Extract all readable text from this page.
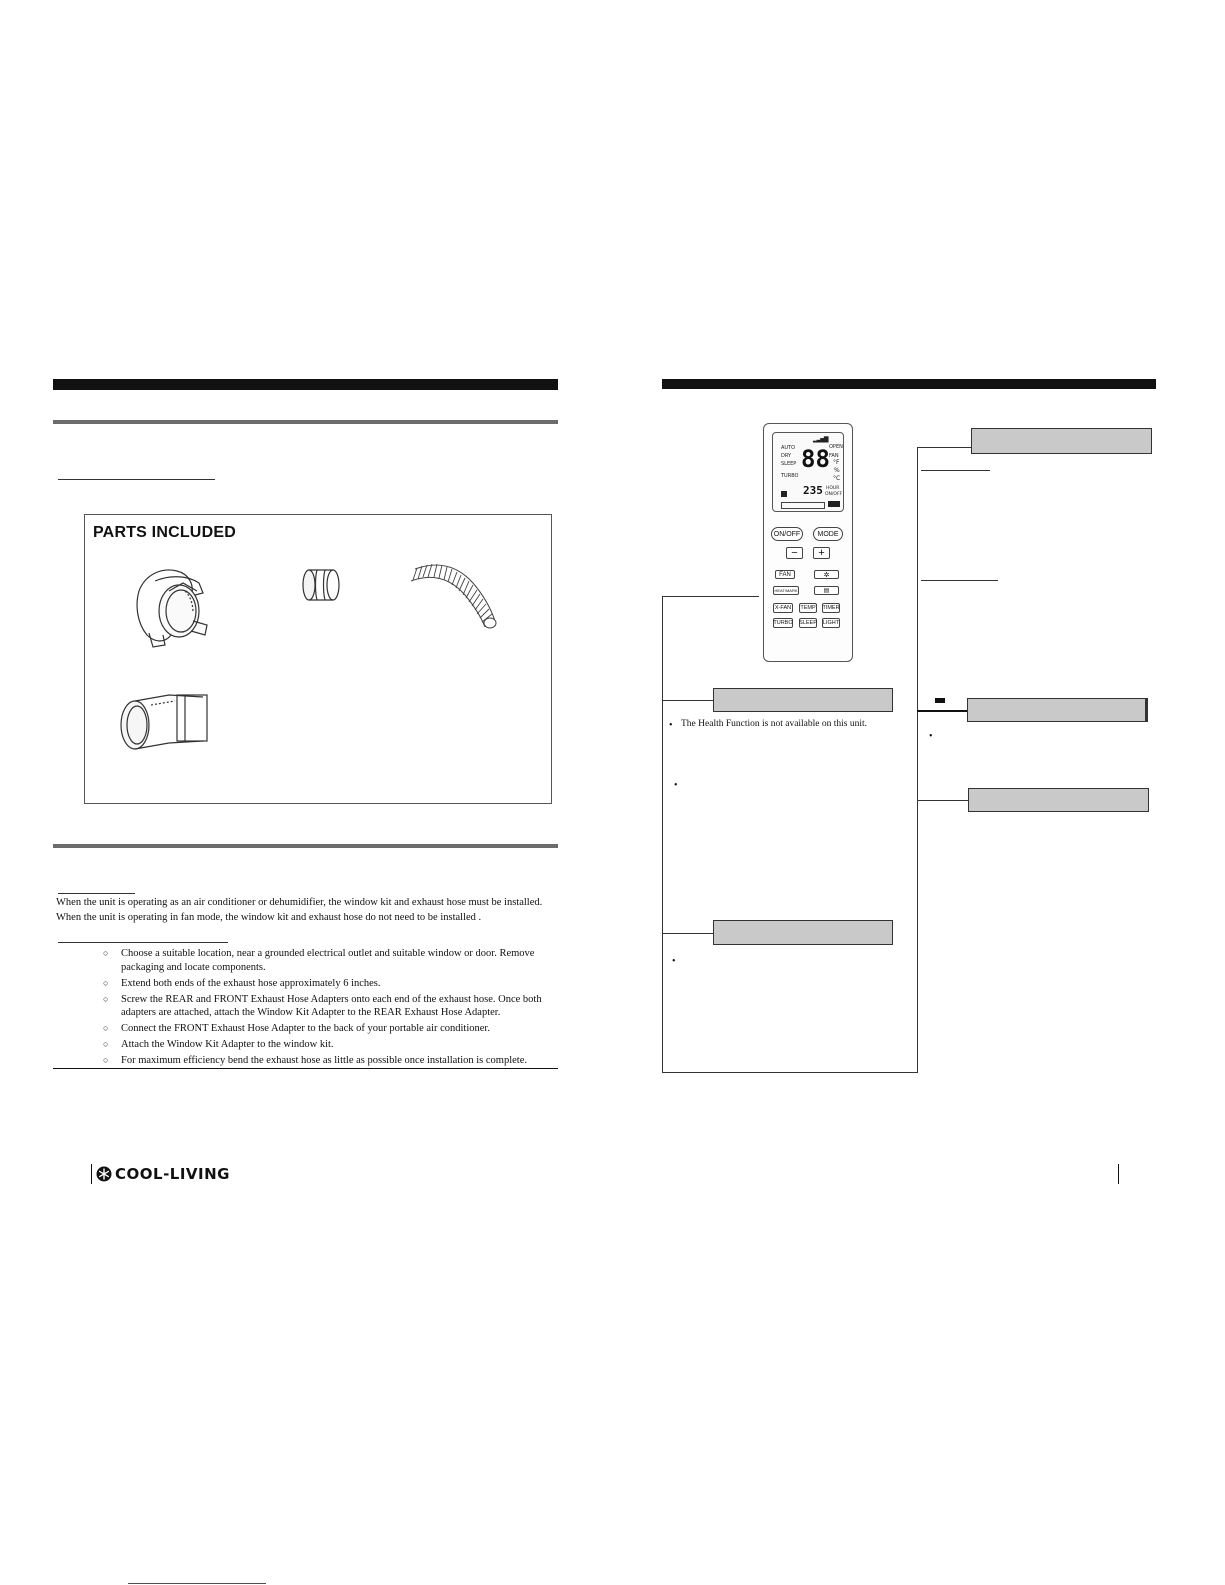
PARTS INCLUDED
When the unit is operating as an air conditioner or dehumidifier, the window kit and exhaust hose must be installed.
When the unit is operating in fan mode, the window kit and exhaust hose do not need to be installed .
○ Choose a suitable location, near a grounded electrical outlet and suitable window or door. Remove packaging and locate components.
○ Extend both ends of the exhaust hose approximately 6 inches.
○ Screw the REAR and FRONT Exhaust Hose Adapters onto each end of the exhaust hose. Once both adapters are attached, attach the Window Kit Adapter to the REAR Exhaust Hose Adapter.
○ Connect the FRONT Exhaust Hose Adapter to the back of your portable air conditioner.
○ Attach the Window Kit Adapter to the window kit.
○ For maximum efficiency bend the exhaust hose as little as possible once installation is complete.
COOL-LIVING
▂▃▅▇
OPEN
AUTO
DRY
SLEEP
TURBO
FAN
88 °F
%
°C
235 HOUR
ON/OFF
ON/OFF	MODE
−	+
FAN	✲
HEAT/MARK	▤
X-FAN	TEMP TIMER
TURBO SLEEP LIGHT
• The Health Function is not available on this unit.
•
•
•
